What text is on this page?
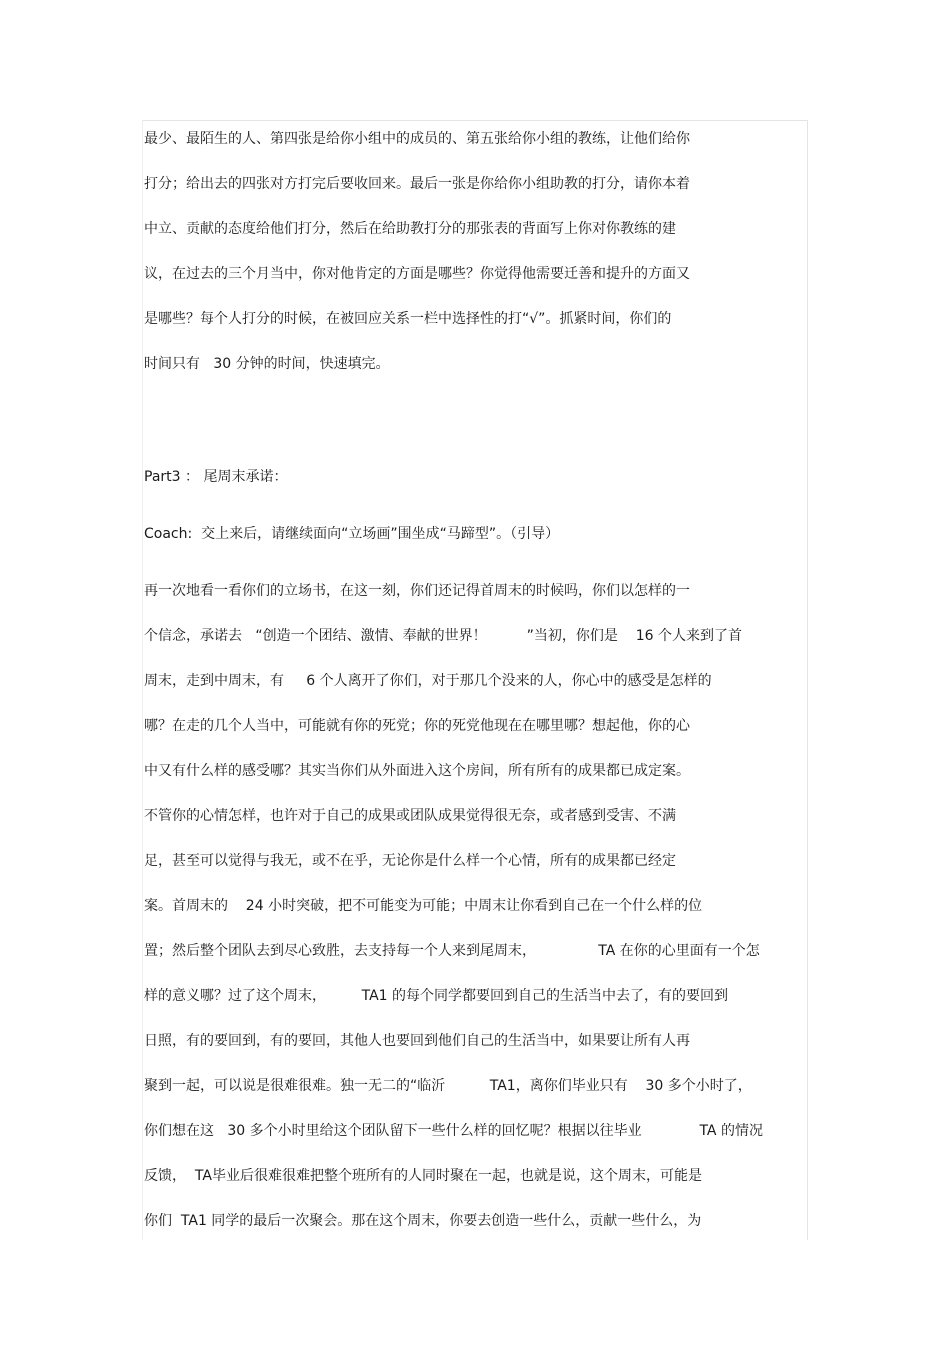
最少、最陌生的人、第四张是给你小组中的成员的、第五张给你小组的教练，让他们给你
打分；给出去的四张对方打完后要收回来。最后一张是你给你小组助教的打分，请你本着
中立、贡献的态度给他们打分，然后在给助教打分的那张表的背面写上你对你教练的建
议，在过去的三个月当中，你对他肯定的方面是哪些？你觉得他需要迁善和提升的方面又
是哪些？每个人打分的时候，在被回应关系一栏中选择性的打“√”。抓紧时间，你们的
时间只有   30 分钟的时间，快速填完。
Part3 ： 尾周末承诺：
Coach:  交上来后，请继续面向“立场画”围坐成“马蹄型”。（引导）
再一次地看一看你们的立场书，在这一刻，你们还记得首周末的时候吗，你们以怎样的一
个信念，承诺去   “创造一个团结、激情、奉献的世界！         ”当初，你们是    16 个人来到了首
周末，走到中周末，有     6 个人离开了你们，对于那几个没来的人，你心中的感受是怎样的
哪？在走的几个人当中，可能就有你的死党；你的死党他现在在哪里哪？想起他，你的心
中又有什么样的感受哪？其实当你们从外面进入这个房间，所有所有的成果都已成定案。
不管你的心情怎样，也许对于自己的成果或团队成果觉得很无奈，或者感到受害、不满
足，甚至可以觉得与我无，或不在乎，无论你是什么样一个心情，所有的成果都已经定
案。首周末的    24 小时突破，把不可能变为可能；中周末让你看到自己在一个什么样的位
置；然后整个团队去到尽心致胜，去支持每一个人来到尾周末，              TA 在你的心里面有一个怎
样的意义哪？过了这个周末，        TA1 的每个同学都要回到自己的生活当中去了，有的要回到
日照，有的要回到，有的要回，其他人也要回到他们自己的生活当中，如果要让所有人再
聚到一起，可以说是很难很难。独一无二的“临沂          TA1，离你们毕业只有    30 多个小时了，
你们想在这   30 多个小时里给这个团队留下一些什么样的回忆呢？根据以往毕业             TA 的情况
反馈，  TA毕业后很难很难把整个班所有的人同时聚在一起，也就是说，这个周末，可能是
你们  TA1 同学的最后一次聚会。那在这个周末，你要去创造一些什么，贡献一些什么，为
